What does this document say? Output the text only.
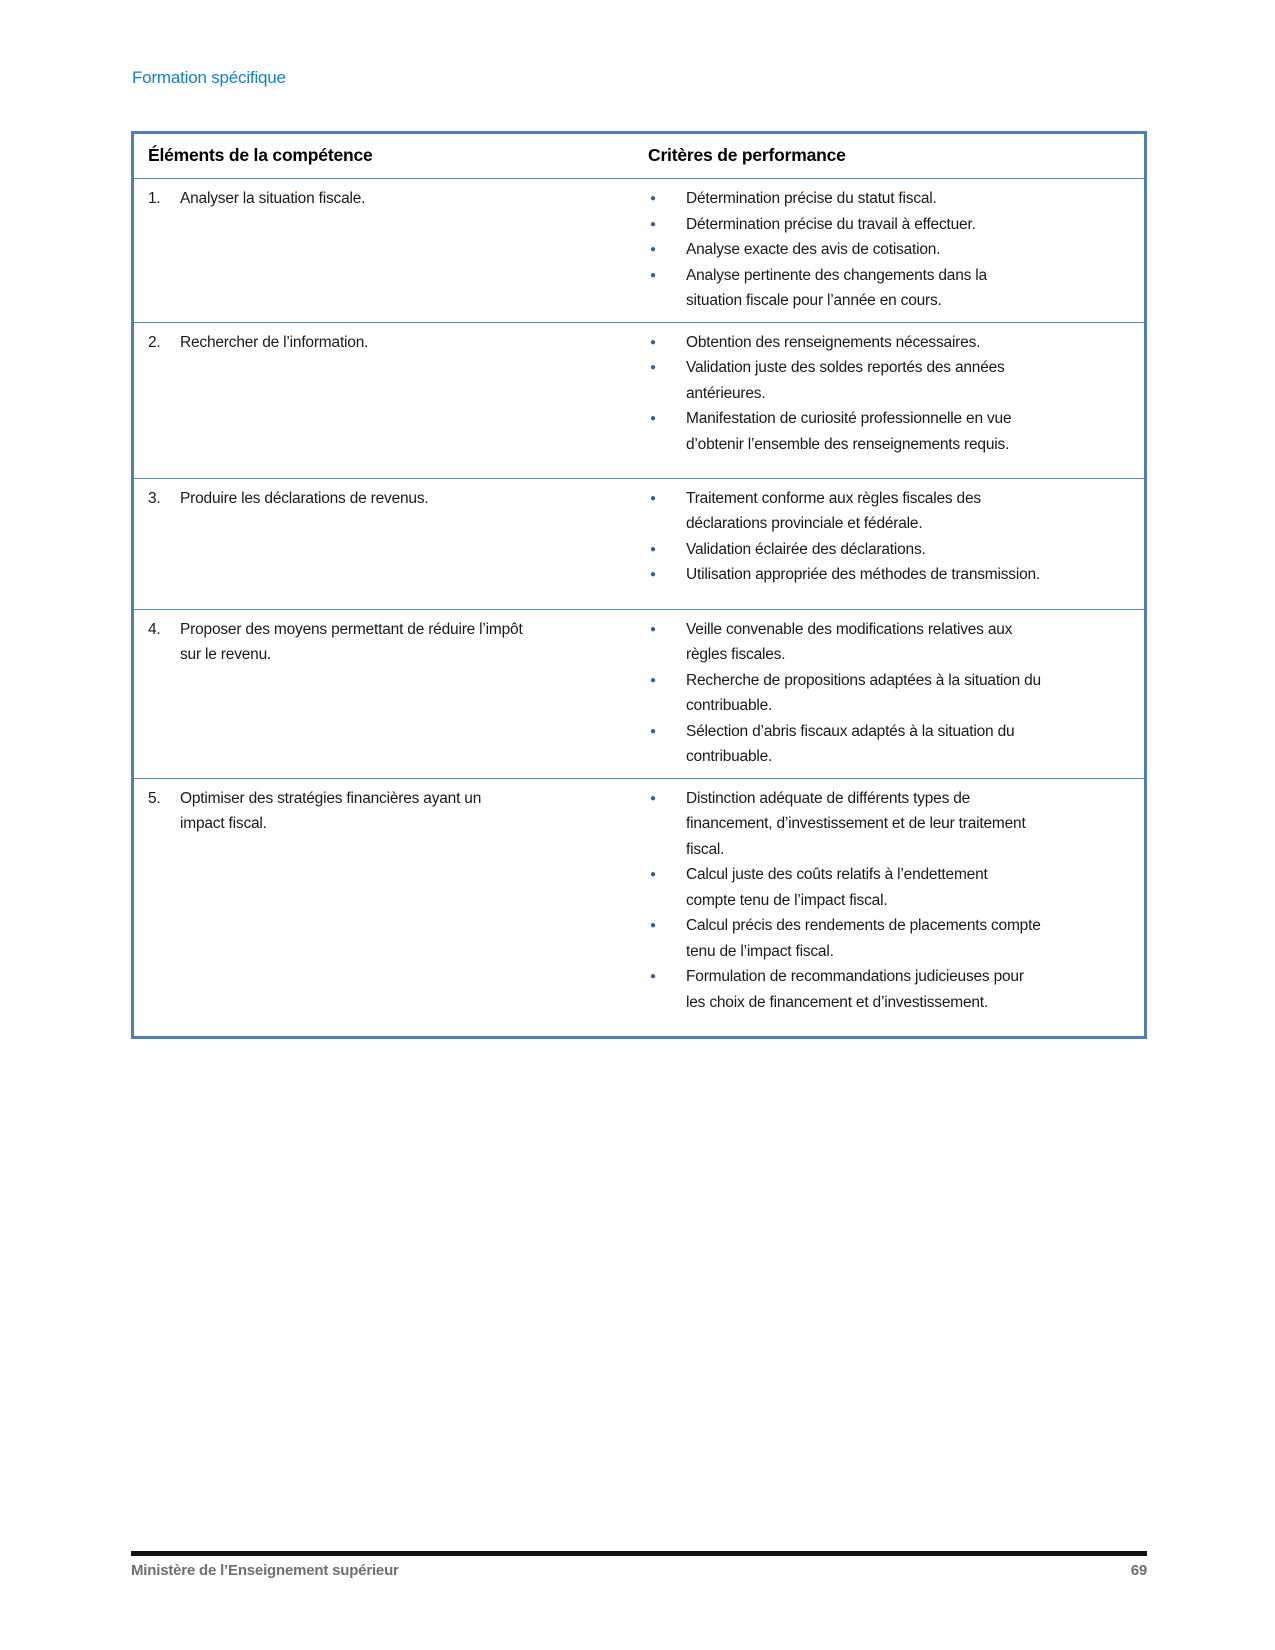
Formation spécifique
Éléments de la compétence	Critères de performance
1.	Analyser la situation fiscale.	● Détermination précise du statut fiscal.
● Détermination précise du travail à effectuer.
● Analyse exacte des avis de cotisation.
● Analyse pertinente des changements dans la situation fiscale pour l’année en cours.
2.	Rechercher de l’information.	● Obtention des renseignements nécessaires.
● Validation juste des soldes reportés des années antérieures.
● Manifestation de curiosité professionnelle en vue d’obtenir l’ensemble des renseignements requis.
3.	Produire les déclarations de revenus.	● Traitement conforme aux règles fiscales des déclarations provinciale et fédérale.
● Validation éclairée des déclarations.
● Utilisation appropriée des méthodes de transmission.
4.	Proposer des moyens permettant de réduire l’impôt sur le revenu.
● Veille convenable des modifications relatives aux règles fiscales.
● Recherche de propositions adaptées à la situation du contribuable.
● Sélection d’abris fiscaux adaptés à la situation du contribuable.
5.	Optimiser des stratégies financières ayant un impact fiscal.
● Distinction adéquate de différents types de financement, d’investissement et de leur traitement fiscal.
● Calcul juste des coûts relatifs à l’endettement compte tenu de l’impact fiscal.
● Calcul précis des rendements de placements compte tenu de l’impact fiscal.
● Formulation de recommandations judicieuses pour les choix de financement et d’investissement.
Ministère de l’Enseignement supérieur	69
